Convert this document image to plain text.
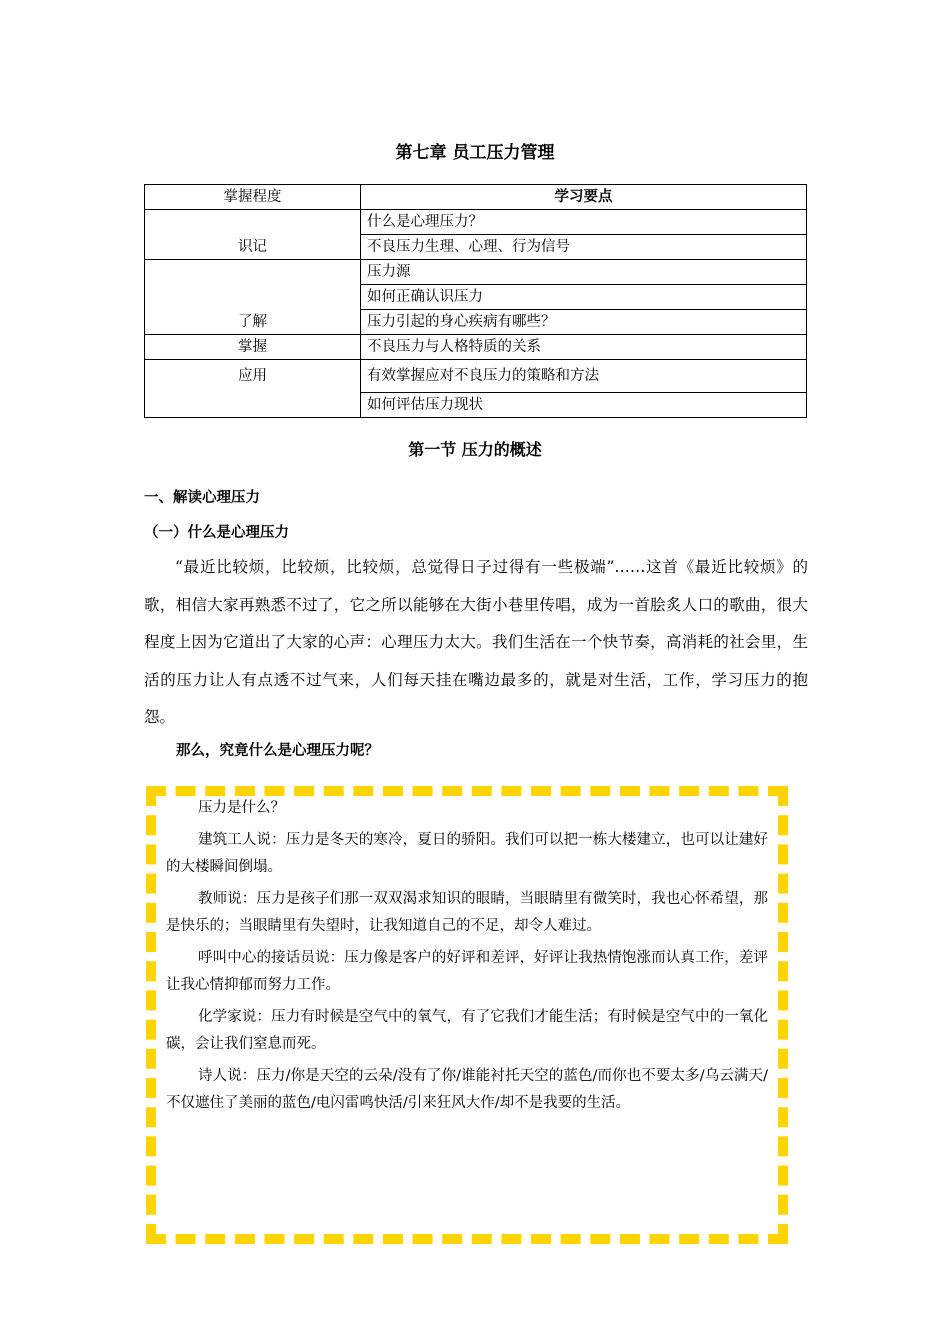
第七章 员工压力管理
掌握程度	学习要点
识记	什么是心理压力？
	不良压力生理、心理、行为信号
了解	压力源
	如何正确认识压力
	压力引起的身心疾病有哪些？
掌握	不良压力与人格特质的关系
应用	有效掌握应对不良压力的策略和方法
	如何评估压力现状
第一节 压力的概述
一、解读心理压力
（一）什么是心理压力

“最近比较烦，比较烦，比较烦，总觉得日子过得有一些极端”……这首《最近比较烦》的歌，相信大家再熟悉不过了，它之所以能够在大街小巷里传唱，成为一首脍炙人口的歌曲，很大程度上因为它道出了大家的心声：心理压力太大。我们生活在一个快节奏，高消耗的社会里，生活的压力让人有点透不过气来，人们每天挂在嘴边最多的，就是对生活，工作，学习压力的抱怨。

那么，究竟什么是心理压力呢？

压力是什么？

建筑工人说：压力是冬天的寒冷，夏日的骄阳。我们可以把一栋大楼建立，也可以让建好的大楼瞬间倒塌。

教师说：压力是孩子们那一双双渴求知识的眼睛，当眼睛里有微笑时，我也心怀希望，那是快乐的；当眼睛里有失望时，让我知道自己的不足，却令人难过。

呼叫中心的接话员说：压力像是客户的好评和差评，好评让我热情饱涨而认真工作，差评让我心情抑郁而努力工作。

化学家说：压力有时候是空气中的氧气，有了它我们才能生活；有时候是空气中的一氧化碳，会让我们窒息而死。

诗人说：压力/你是天空的云朵/没有了你/谁能衬托天空的蓝色/而你也不要太多/乌云满天/不仅遮住了美丽的蓝色/电闪雷鸣快活/引来狂风大作/却不是我要的生活。
